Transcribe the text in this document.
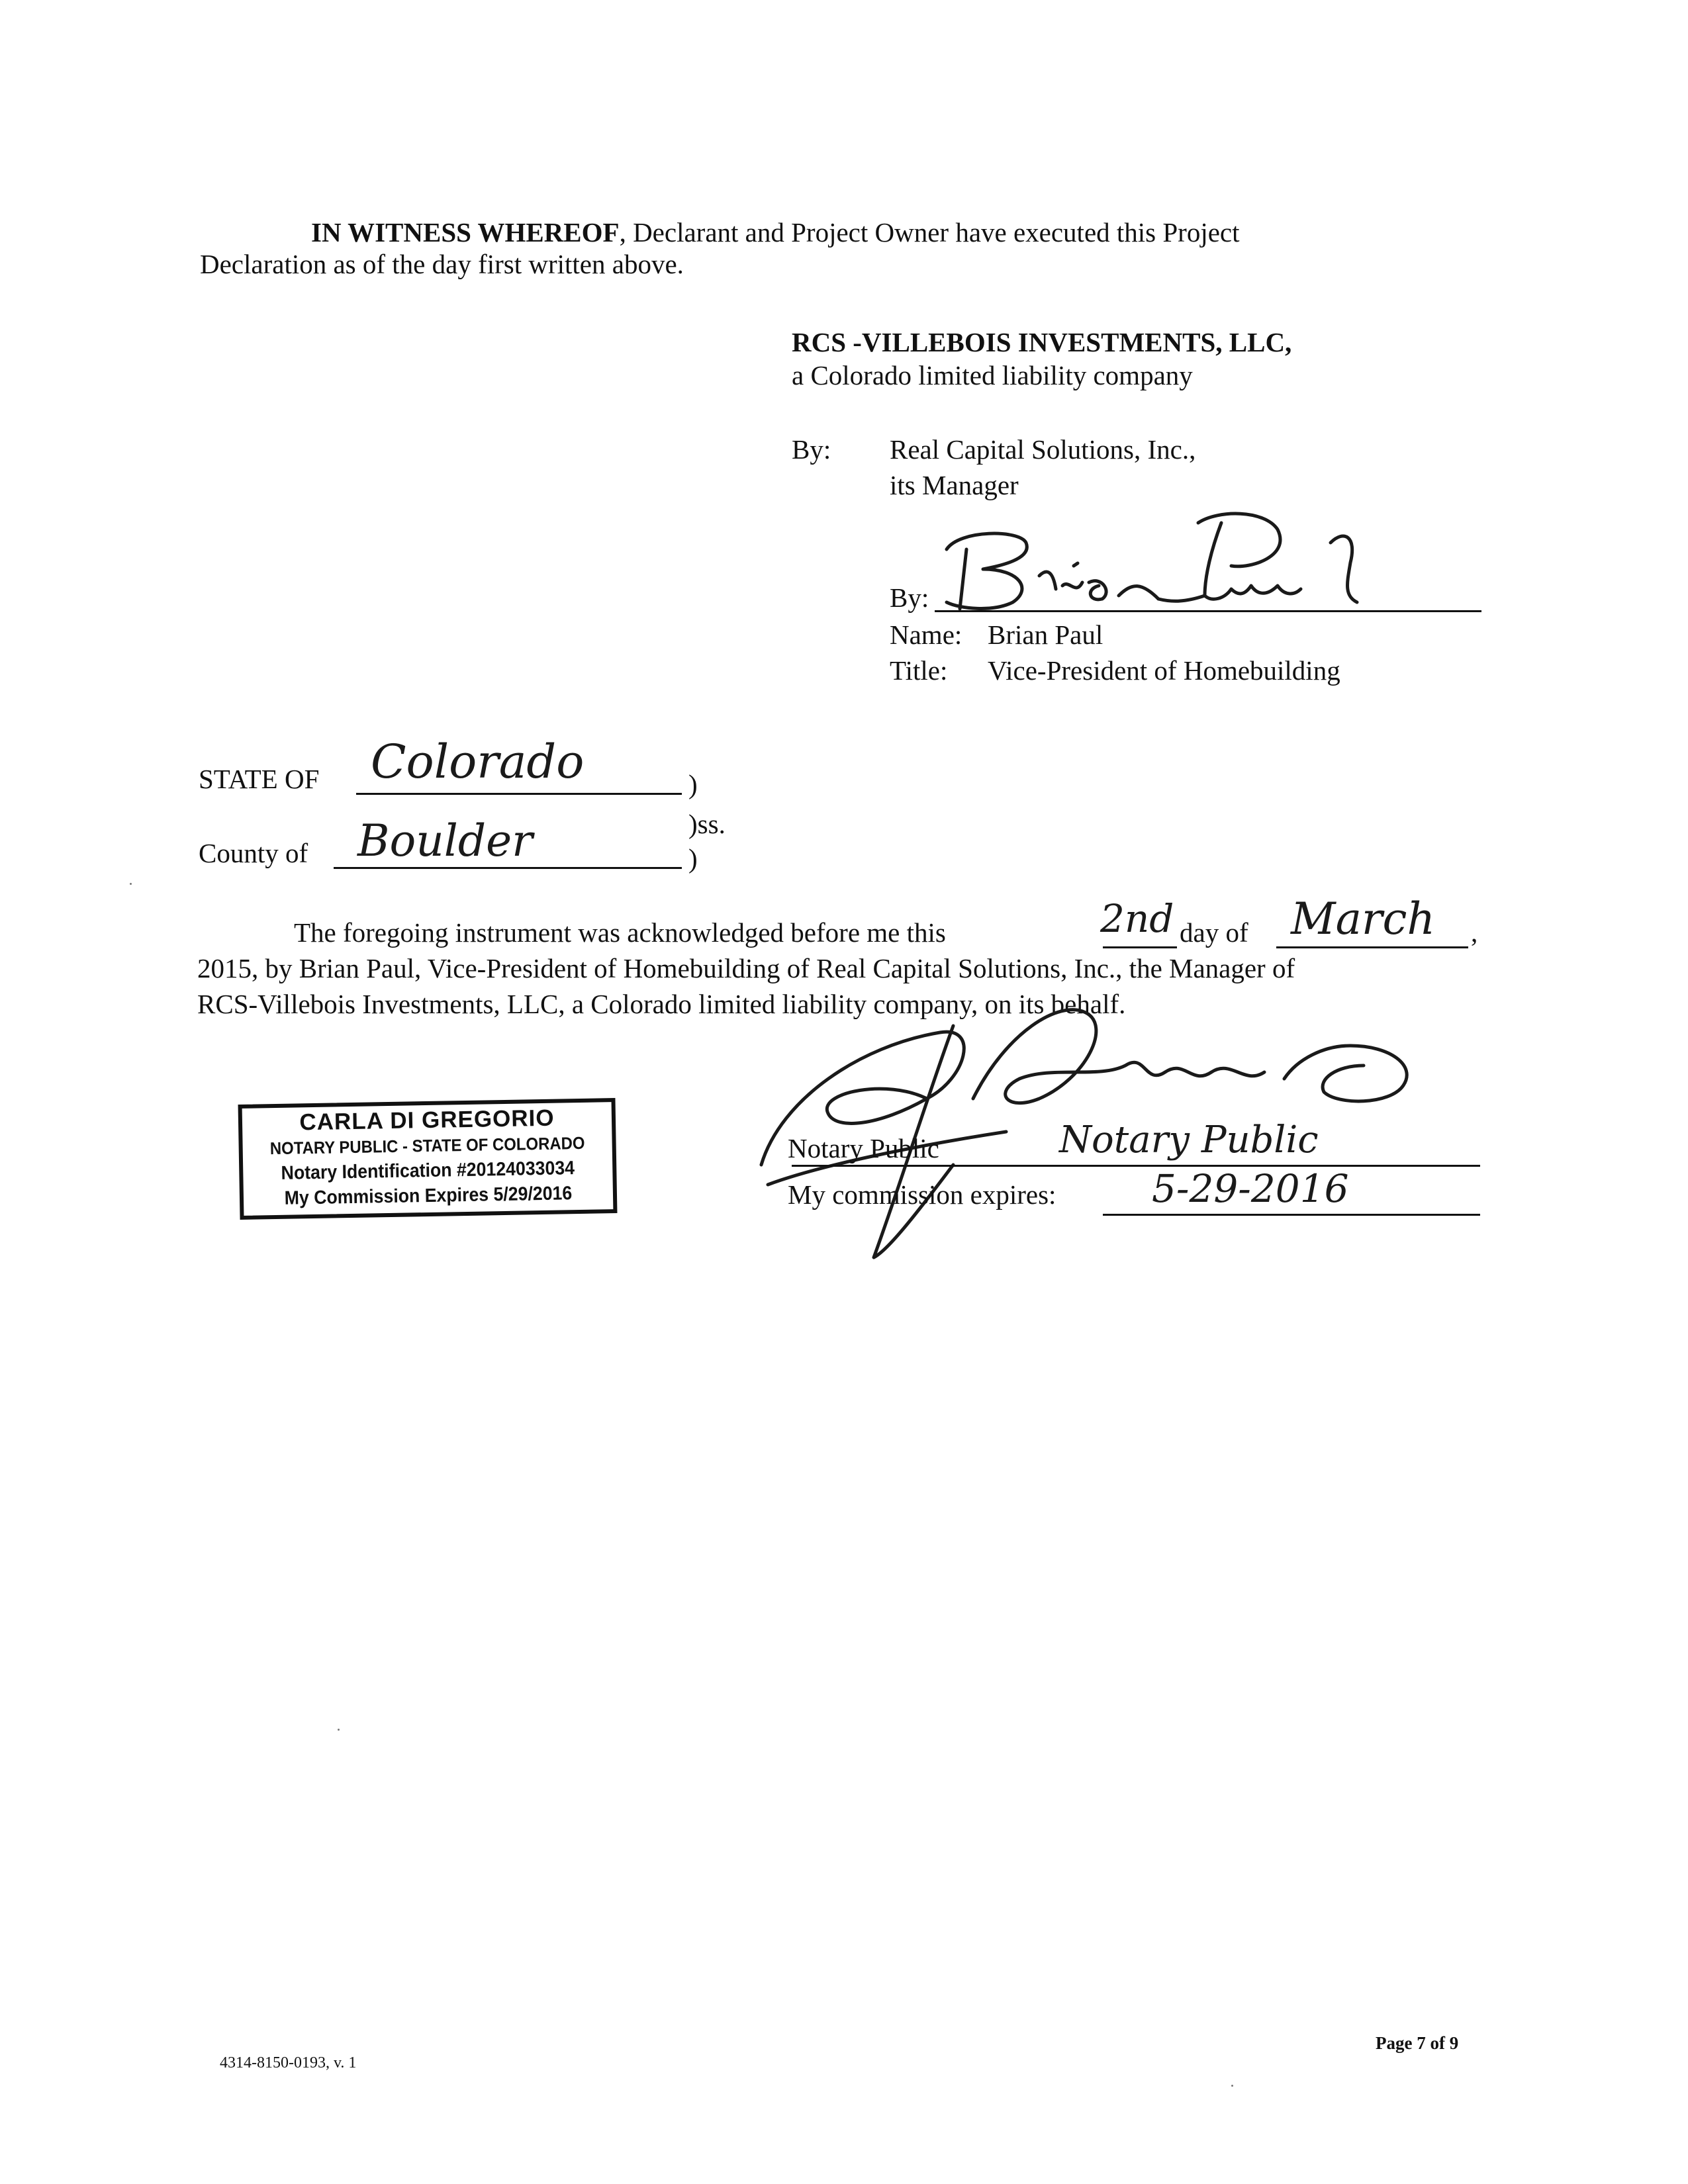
IN WITNESS WHEREOF, Declarant and Project Owner have executed this Project
Declaration as of the day first written above.
RCS -VILLEBOIS INVESTMENTS, LLC,
a Colorado limited liability company
By: Real Capital Solutions, Inc.,
its Manager
By:
Name: Brian Paul
Title: Vice-President of Homebuilding
STATE OF Colorado	)
)ss.
County of Boulder	)
The foregoing instrument was acknowledged before me this	2nd day of March ,
2015, by Brian Paul, Vice-President of Homebuilding of Real Capital Solutions, Inc., the Manager of
RCS-Villebois Investments, LLC, a Colorado limited liability company, on its behalf.
Notary Public	Notary Public
My commission expires: 5-29-2016
CARLA DI GREGORIO
NOTARY PUBLIC - STATE OF COLORADO
Notary Identification #20124033034
My Commission Expires 5/29/2016
4314-8150-0193, v. 1
Page 7 of 9
